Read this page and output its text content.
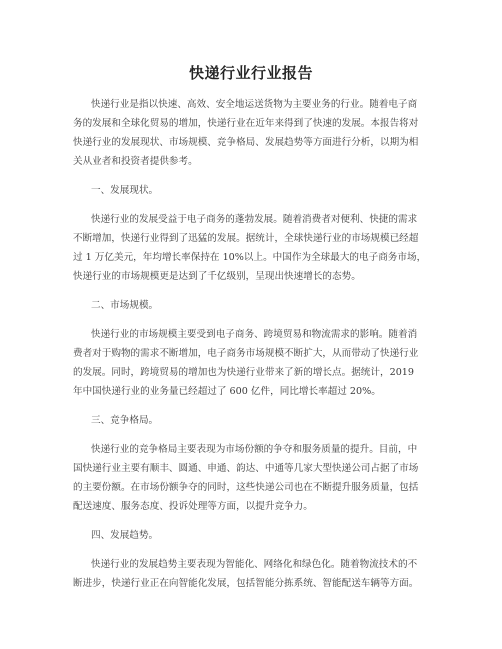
快递行业行业报告
快递行业是指以快速、高效、安全地运送货物为主要业务的行业。随着电子商
务的发展和全球化贸易的增加，快递行业在近年来得到了快速的发展。本报告将对
快递行业的发展现状、市场规模、竞争格局、发展趋势等方面进行分析，以期为相
关从业者和投资者提供参考。
一、发展现状。
快递行业的发展受益于电子商务的蓬勃发展。随着消费者对便利、快捷的需求
不断增加，快递行业得到了迅猛的发展。据统计，全球快递行业的市场规模已经超
过 1 万亿美元，年均增长率保持在 10%以上。中国作为全球最大的电子商务市场，
快递行业的市场规模更是达到了千亿级别，呈现出快速增长的态势。
二、市场规模。
快递行业的市场规模主要受到电子商务、跨境贸易和物流需求的影响。随着消
费者对于购物的需求不断增加，电子商务市场规模不断扩大，从而带动了快递行业
的发展。同时，跨境贸易的增加也为快递行业带来了新的增长点。据统计，2019
年中国快递行业的业务量已经超过了 600 亿件，同比增长率超过 20%。
三、竞争格局。
快递行业的竞争格局主要表现为市场份额的争夺和服务质量的提升。目前，中
国快递行业主要有顺丰、圆通、申通、韵达、中通等几家大型快递公司占据了市场
的主要份额。在市场份额争夺的同时，这些快递公司也在不断提升服务质量，包括
配送速度、服务态度、投诉处理等方面，以提升竞争力。
四、发展趋势。
快递行业的发展趋势主要表现为智能化、网络化和绿色化。随着物流技术的不
断进步，快递行业正在向智能化发展，包括智能分拣系统、智能配送车辆等方面。
